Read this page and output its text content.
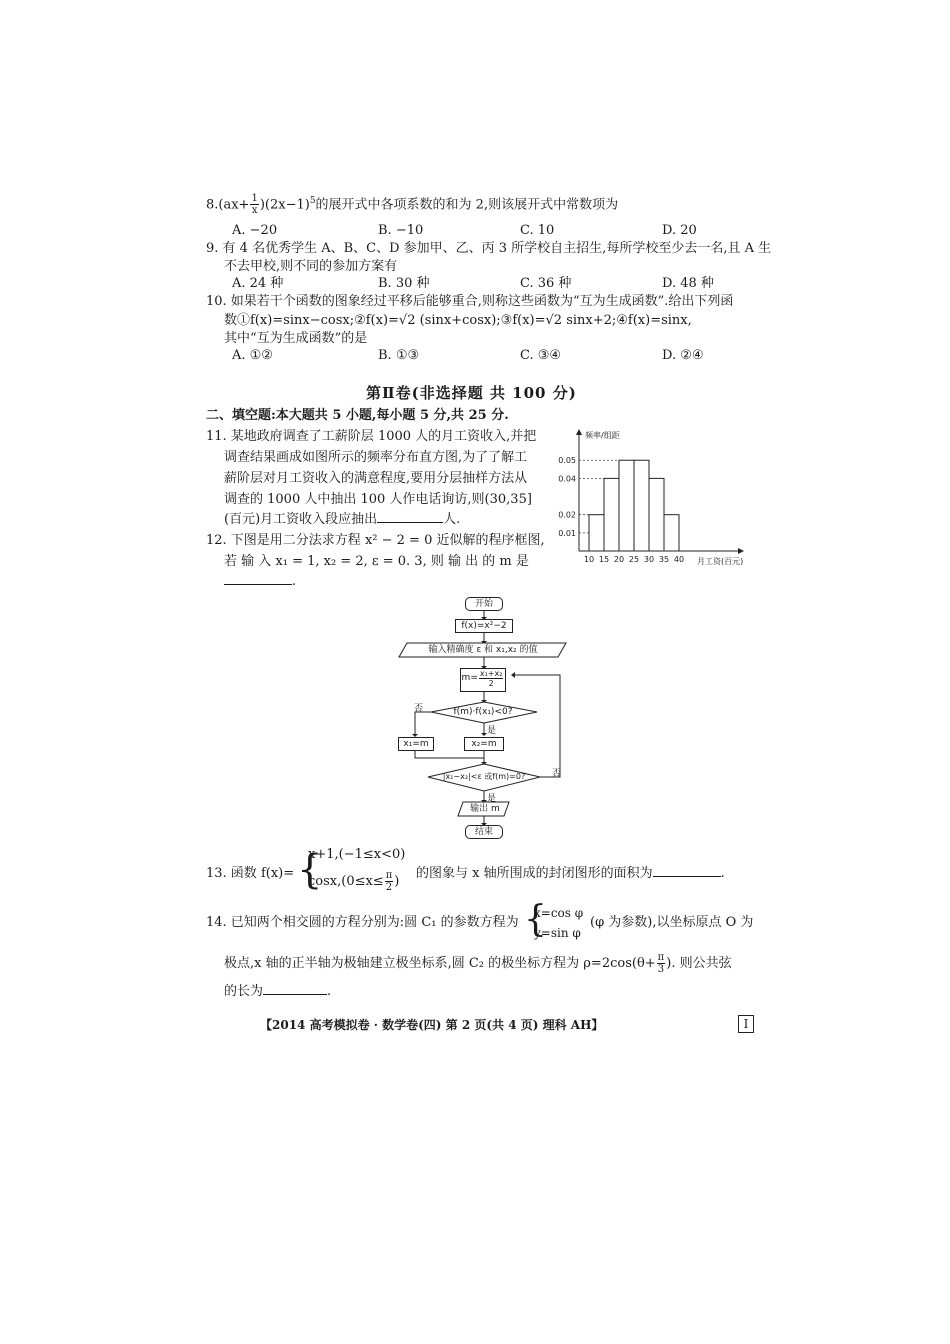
$8.(ax+ \frac{1}{x} )(2x-1)^5$的展开式中各项系数的和为 2,则该展开式中常数项为
A. −20	B. −10	C. 10	D. 20
9. 有 4 名优秀学生 A、B、C、D 参加甲、乙、丙 3 所学校自主招生,每所学校至少去一名,且 A 生
不去甲校,则不同的参加方案有
A. 24 种	B. 30 种	C. 36 种	D. 48 种
10. 如果若干个函数的图象经过平移后能够重合,则称这些函数为“互为生成函数”.给出下列函
数①f(x)=sinx−cosx;②f(x)=√2 (sinx+cosx);③f(x)=√2 sinx+2;④f(x)=sinx,
其中“互为生成函数”的是
A. ①②	B. ①③	C. ③④	D. ②④
第Ⅱ卷(非选择题 共 100 分)
二、填空题:本大题共 5 小题,每小题 5 分,共 25 分.
11. 某地政府调查了工薪阶层 1000 人的月工资收入,并把
调查结果画成如图所示的频率分布直方图,为了了解工
薪阶层对月工资收入的满意程度,要用分层抽样方法从
调查的 1000 人中抽出 100 人作电话询访,则(30,35]
(百元)月工资收入段应抽出	人.
0.01
0.02
0.04
0.05
10 15 20 25 30 35 40
频率/组距
月工资(百元)
12. 下图是用二分法求方程 x² − 2 = 0 近似解的程序框图,
若 输 入 x₁ = 1, x₂ = 2, ε = 0. 3, 则 输 出 的 m 是
.
开始
f(x)=x²−2
输入精确度 ε 和 x₁,x₂ 的值
$m= \frac{\text{x₁+x₂}}{2}$
f(m)·f(x₁)<0?
否
是
x₁=m	x₂=m
|x₁−x₂|<ε 或f(m)=0?	否
是
输出 m
结束
13. 函数 f(x)= {
x+1,(−1≤x<0)
$\cos x,(0\le x\le \frac{\pi}{2}$ )
的图象与 x 轴所围成的封闭图形的面积为	.
14. 已知两个相交圆的方程分别为:圆 C₁ 的参数方程为 {
x=cos φ
y=sin φ
(φ 为参数),以坐标原点 O 为
极点,x 轴的正半轴为极轴建立极坐标系,圆 C₂ 的极坐标方程为 $\rho=2\cos(\theta+ \frac{\pi}{3}$ ). 则公共弦
的长为	.
【2014 高考模拟卷 · 数学卷(四) 第 2 页(共 4 页) 理科 AH】	I
